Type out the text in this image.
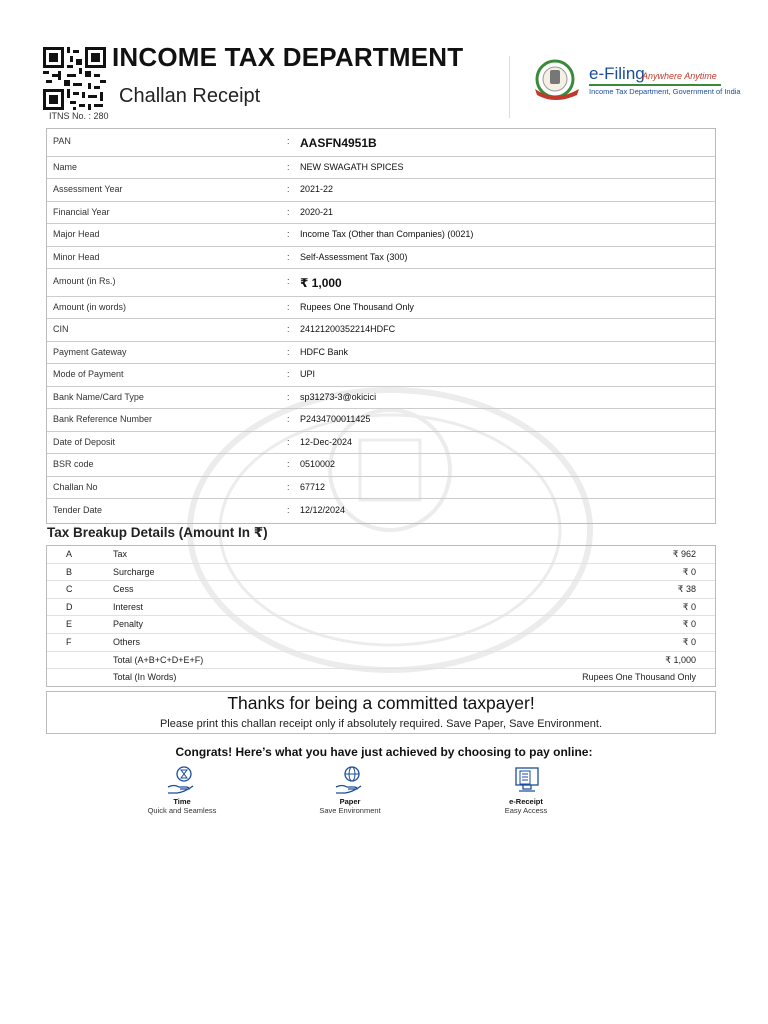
INCOME TAX DEPARTMENT
Challan Receipt
ITNS No. : 280
e-Filing
Anywhere Anytime
Income Tax Department, Government of India
PAN	: AASFN4951B
Name	: NEW SWAGATH SPICES
Assessment Year	: 2021-22
Financial Year	: 2020-21
Major Head	: Income Tax (Other than Companies) (0021)
Minor Head	: Self-Assessment Tax (300)
Amount (in Rs.)	: ₹ 1,000
Amount (in words)	: Rupees One Thousand Only
CIN	: 24121200352214HDFC
Payment Gateway	: HDFC Bank
Mode of Payment	: UPI
Bank Name/Card Type	: sp31273-3@okicici
Bank Reference Number	: P2434700011425
Date of Deposit	: 12-Dec-2024
BSR code	: 0510002
Challan No	: 67712
Tender Date	: 12/12/2024
Tax Breakup Details (Amount In ₹)
A	Tax	₹ 962
B	Surcharge	₹ 0
C	Cess	₹ 38
D	Interest	₹ 0
E	Penalty	₹ 0
F	Others	₹ 0
Total (A+B+C+D+E+F)	₹ 1,000
Total (In Words)	Rupees One Thousand Only
Thanks for being a committed taxpayer!
Please print this challan receipt only if absolutely required. Save Paper, Save Environment.
Congrats! Here’s what you have just achieved by choosing to pay online:
Time
Quick and Seamless
Paper
Save Environment
e-Receipt
Easy Access
